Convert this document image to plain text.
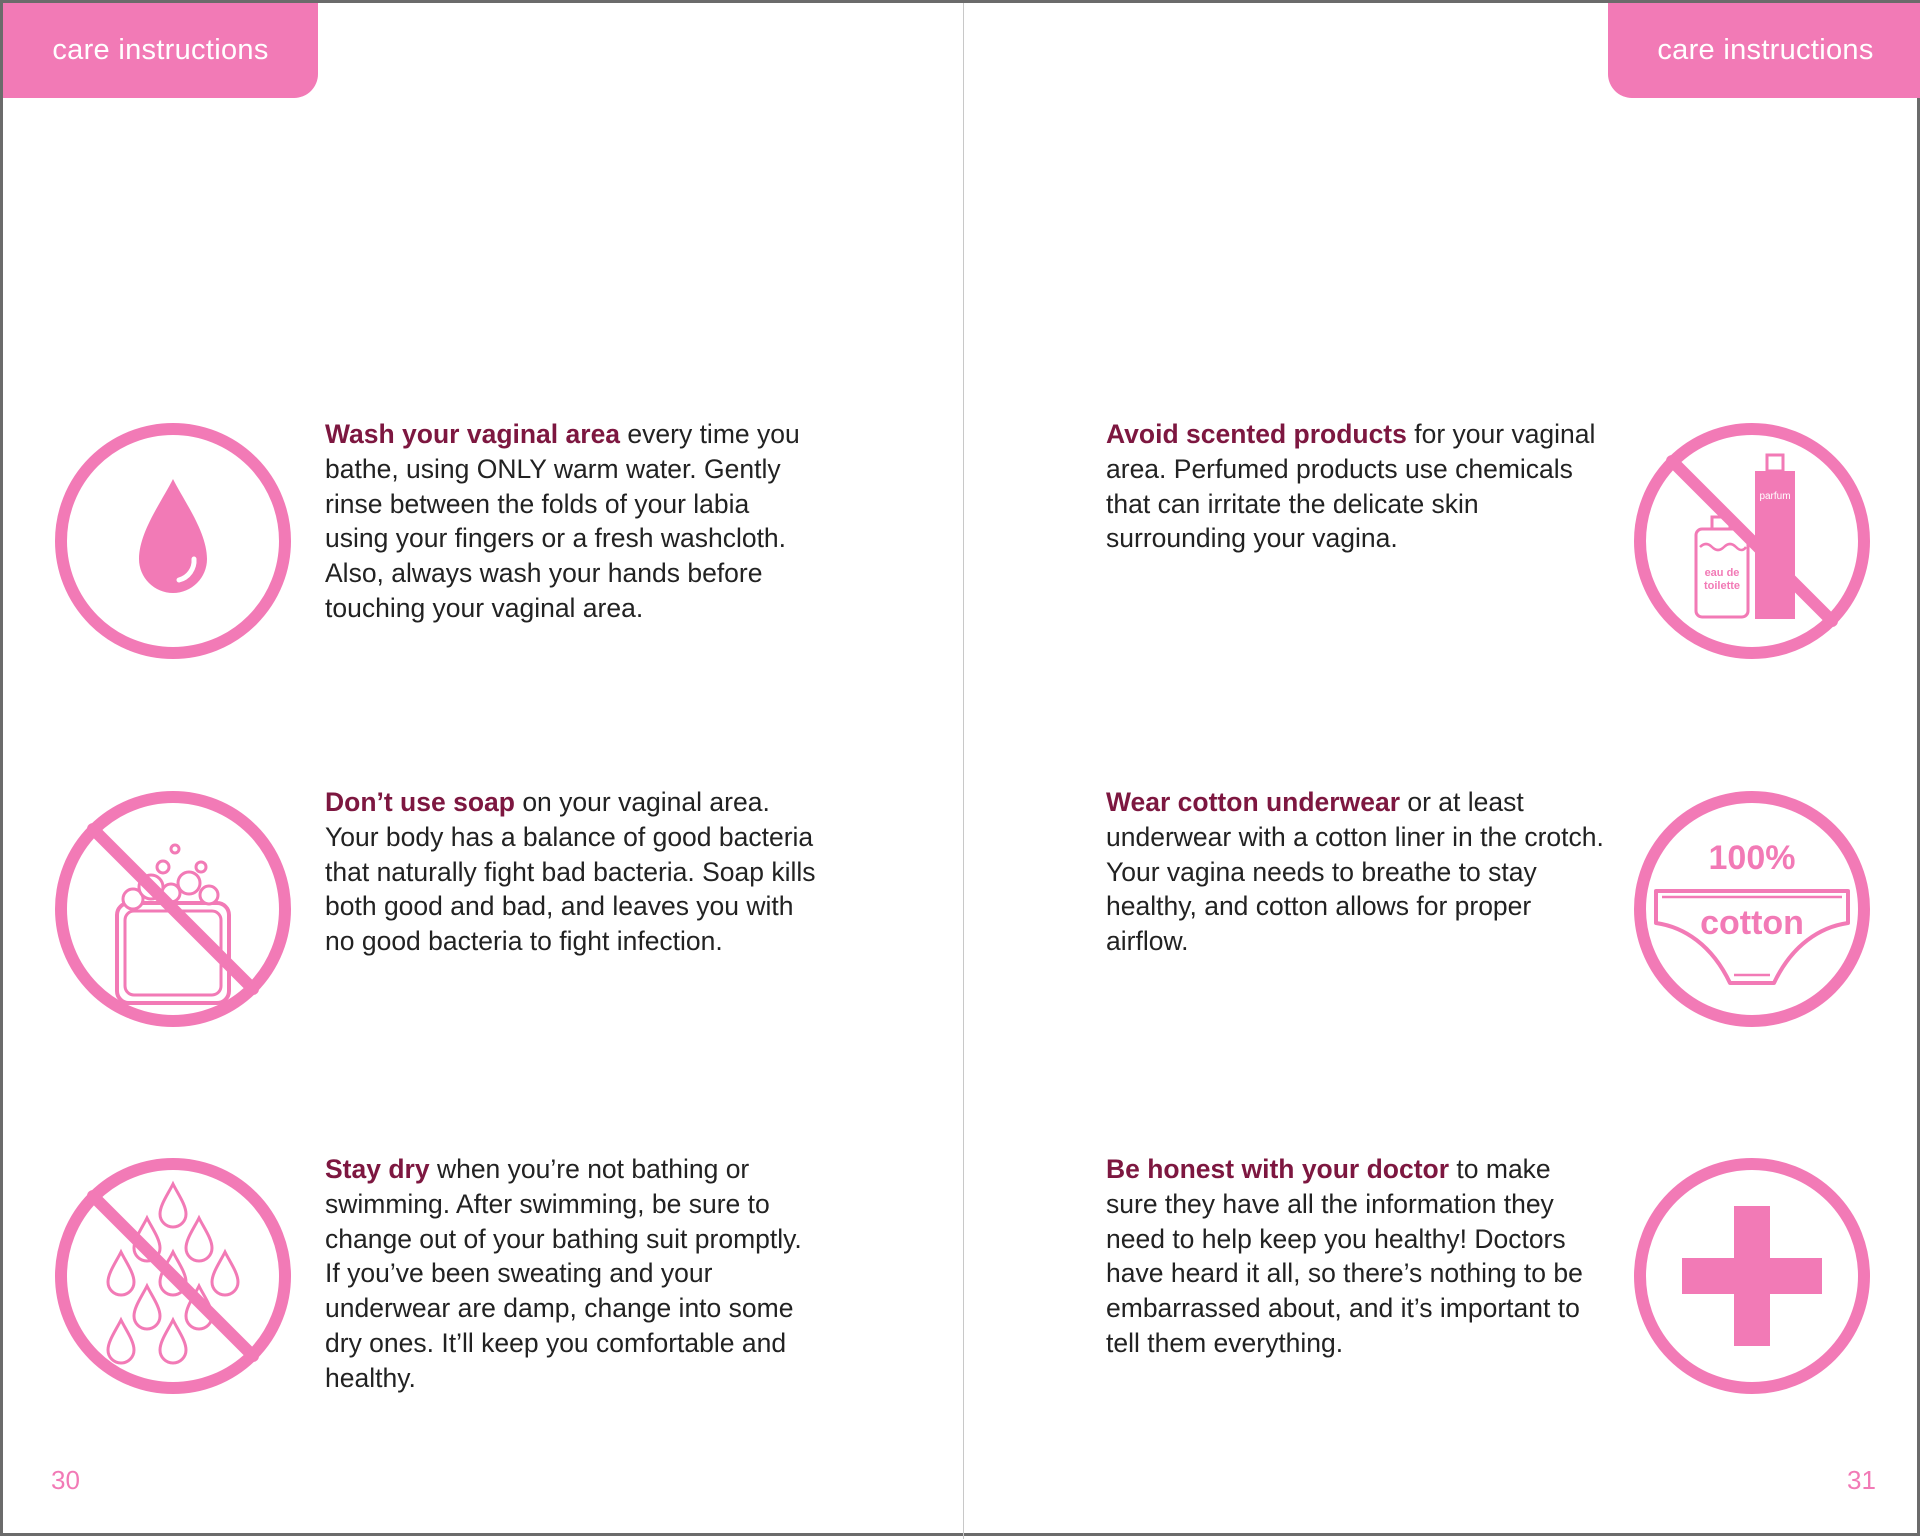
care instructions	care instructions
Wash your vaginal area every time you bathe, using ONLY warm water. Gently rinse between the folds of your labia using your fingers or a fresh washcloth. Also, always wash your hands before touching your vaginal area.
Don’t use soap on your vaginal area. Your body has a balance of good bacteria that naturally fight bad bacteria. Soap kills both good and bad, and leaves you with no good bacteria to fight infection.
Stay dry when you’re not bathing or swimming. After swimming, be sure to change out of your bathing suit promptly. If you’ve been sweating and your underwear are damp, change into some dry ones. It’ll keep you comfortable and healthy.
30
Avoid scented products for your vaginal area. Perfumed products use chemicals that can irritate the delicate skin surrounding your vagina.
parfum
eau de toilette
Wear cotton underwear or at least underwear with a cotton liner in the crotch. Your vagina needs to breathe to stay healthy, and cotton allows for proper airflow.
100%
cotton
Be honest with your doctor to make sure they have all the information they need to help keep you healthy! Doctors have heard it all, so there’s nothing to be embarrassed about, and it’s important to tell them everything.
31
